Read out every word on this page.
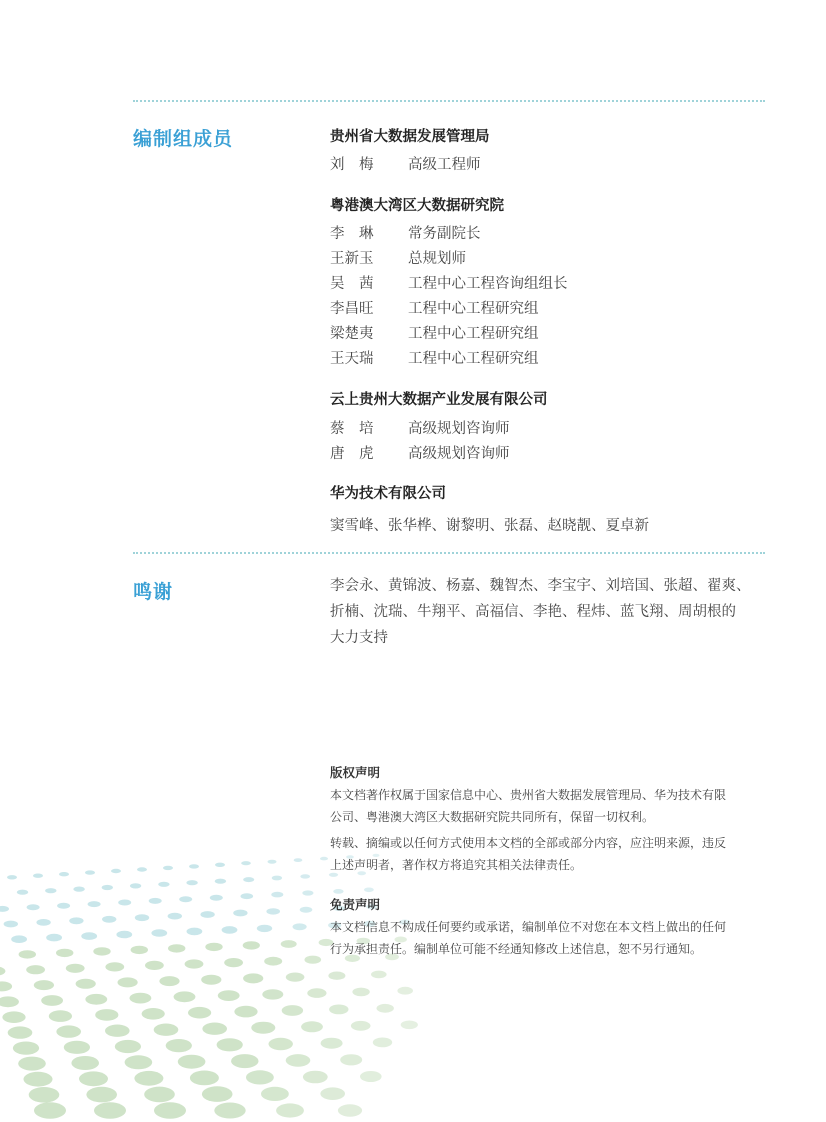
编制组成员	贵州省大数据发展管理局
刘　梅 高级工程师
粤港澳大湾区大数据研究院
李　琳 常务副院长
王新玉 总规划师
吴　茜 工程中心工程咨询组组长
李昌旺 工程中心工程研究组
梁楚夷 工程中心工程研究组
王天瑞 工程中心工程研究组
云上贵州大数据产业发展有限公司
蔡　培 高级规划咨询师
唐　虎 高级规划咨询师
华为技术有限公司
窦雪峰、张华桦、谢黎明、张磊、赵晓靓、夏卓新
鸣谢	李会永、黄锦波、杨嘉、魏智杰、李宝宇、刘培国、张超、翟爽、
折楠、沈瑞、牛翔平、高福信、李艳、程炜、蓝飞翔、周胡根的
大力支持
版权声明
本文档著作权属于国家信息中心、贵州省大数据发展管理局、华为技术有限
公司、粤港澳大湾区大数据研究院共同所有，保留一切权利。
转载、摘编或以任何方式使用本文档的全部或部分内容，应注明来源，违反
上述声明者，著作权方将追究其相关法律责任。
免责声明
本文档信息不构成任何要约或承诺，编制单位不对您在本文档上做出的任何
行为承担责任。编制单位可能不经通知修改上述信息，恕不另行通知。
